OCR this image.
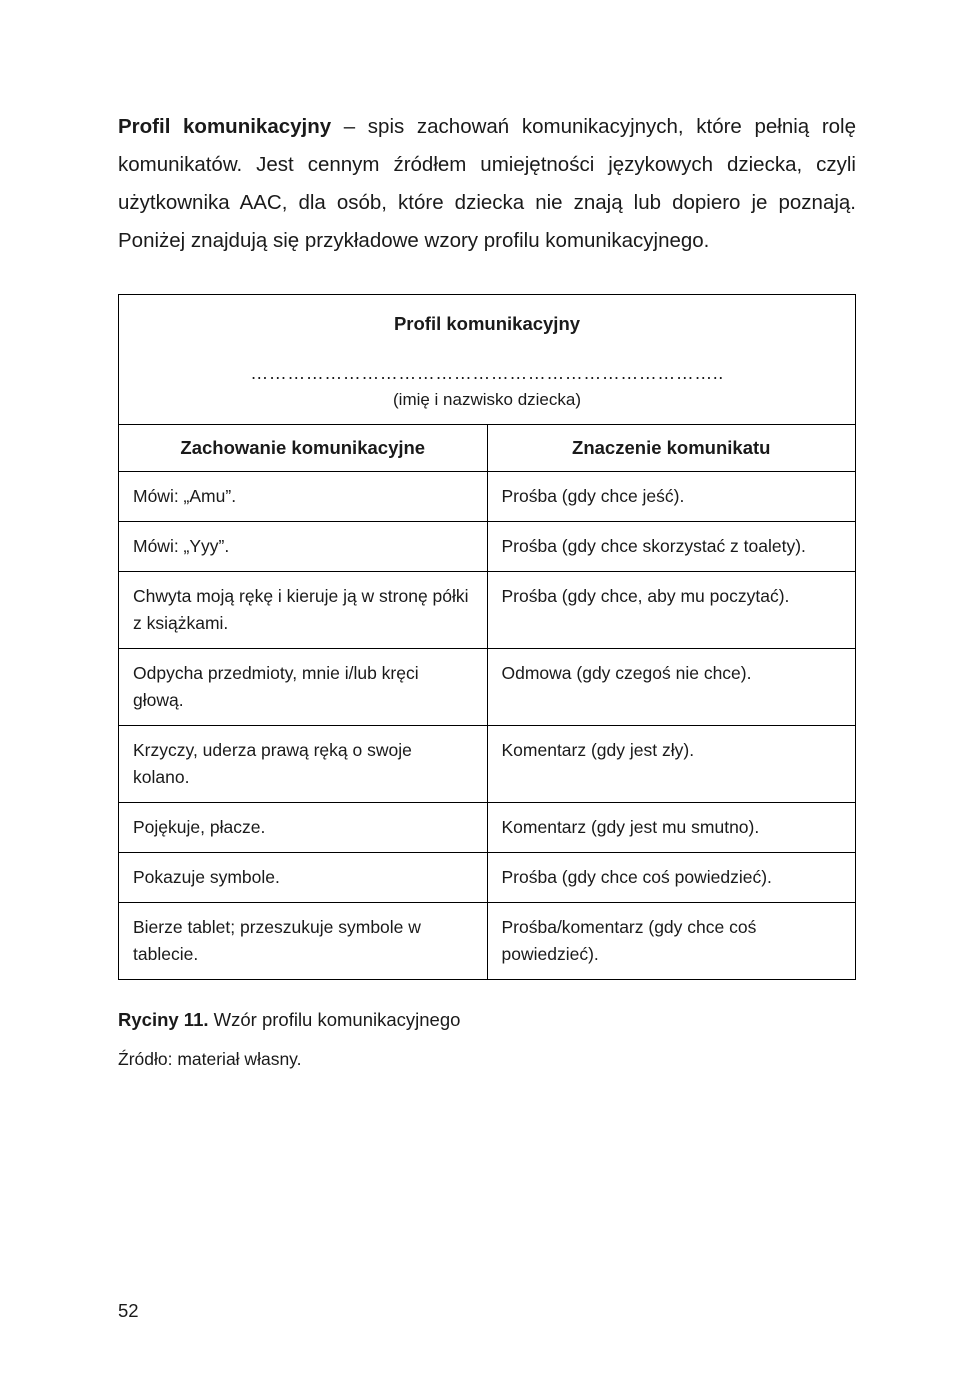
Profil komunikacyjny – spis zachowań komunikacyjnych, które pełnią rolę komunikatów. Jest cennym źródłem umiejętności językowych dziecka, czyli użytkownika AAC, dla osób, które dziecka nie znają lub dopiero je poznają. Poniżej znajdują się przykładowe wzory profilu komunikacyjnego.
Profil komunikacyjny
…………………………………………………………………..
(imię i nazwisko dziecka)	

Zachowanie komunikacyjne	Znaczenie komunikatu
Mówi: „Amu”.	Prośba (gdy chce jeść).
Mówi: „Yyy”.	Prośba (gdy chce skorzystać z toalety).
Chwyta moją rękę i kieruje ją w stronę półki z książkami.	Prośba (gdy chce, aby mu poczytać).
Odpycha przedmioty, mnie i/lub kręci głową.	Odmowa (gdy czegoś nie chce).
Krzyczy, uderza prawą ręką o swoje kolano.	Komentarz (gdy jest zły).
Pojękuje, płacze.	Komentarz (gdy jest mu smutno).
Pokazuje symbole.	Prośba (gdy chce coś powiedzieć).
Bierze tablet; przeszukuje symbole w tablecie.	Prośba/komentarz (gdy chce coś powiedzieć).
Ryciny 11. Wzór profilu komunikacyjnego
Źródło: materiał własny.
52
